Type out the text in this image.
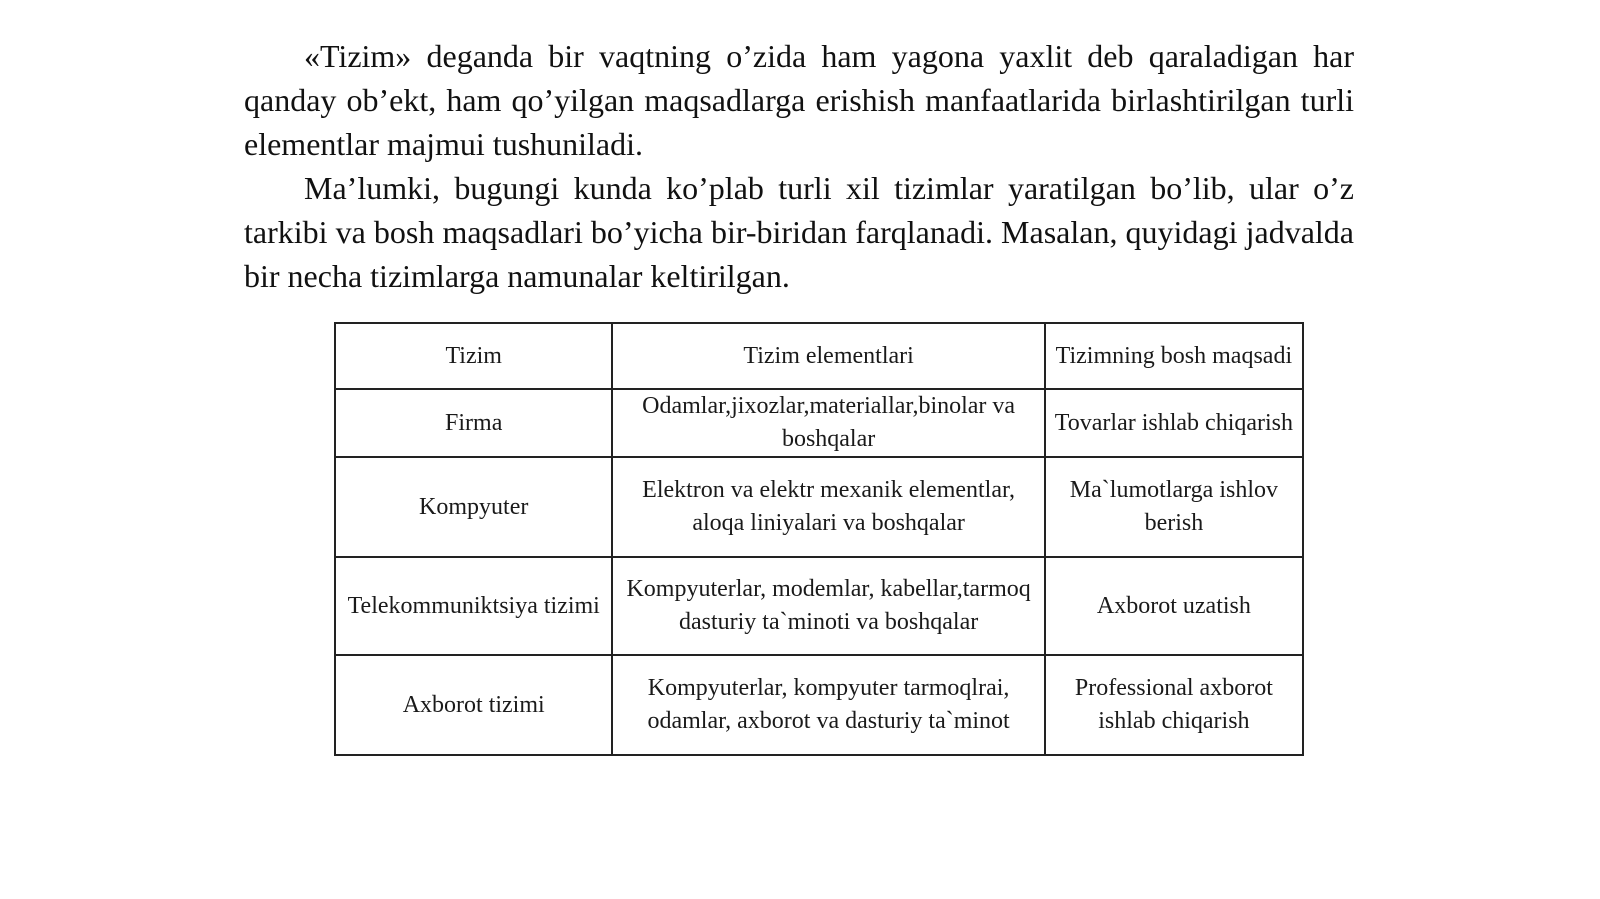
«Tizim» deganda bir vaqtning o’zida ham yagona yaxlit deb qaraladigan har qanday ob’ekt, ham qo’yilgan maqsadlarga erishish manfaatlarida birlashtirilgan turli elementlar majmui tushuniladi.

Ma’lumki, bugungi kunda ko’plab turli xil tizimlar yaratilgan bo’lib, ular o’z tarkibi va bosh maqsadlari bo’yicha bir-biridan farqlanadi. Masalan, quyidagi jadvalda bir necha tizimlarga namunalar keltirilgan.

Tizim	Tizim elementlari	Tizimning bosh maqsadi
Firma	Odamlar,jixozlar,materiallar,binolar va boshqalar	Tovarlar ishlab chiqarish
Kompyuter	Elektron va elektr mexanik elementlar, aloqa liniyalari va boshqalar	Ma`lumotlarga ishlov berish
Telekommuniktsiya tizimi	Kompyuterlar, modemlar, kabellar,tarmoq dasturiy ta`minoti va boshqalar	Axborot uzatish
Axborot tizimi	Kompyuterlar, kompyuter tarmoqlrai, odamlar, axborot va dasturiy ta`minot	Professional axborot ishlab chiqarish
